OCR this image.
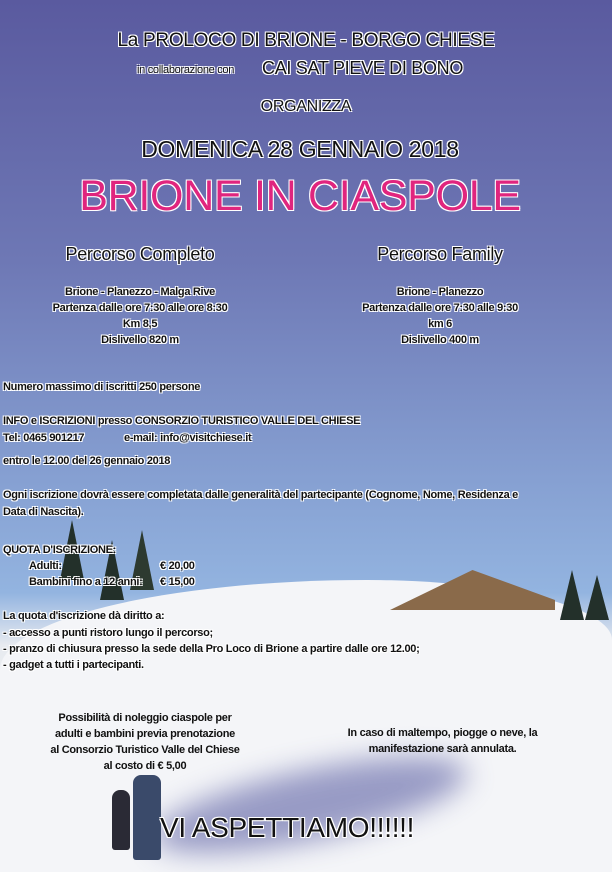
La PROLOCO DI BRIONE - BORGO CHIESE
in collaborazione con CAI SAT PIEVE DI BONO
ORGANIZZA
DOMENICA 28 GENNAIO 2018
BRIONE IN CIASPOLE
Percorso Completo
Brione - Planezzo - Malga Rive
Partenza dalle ore 7:30 alle ore 8:30
Km 8,5
Dislivello 820 m
Percorso Family
Brione - Planezzo
Partenza dalle ore 7:30 alle 9:30
km 6
Dislivello 400 m
Numero massimo di iscritti 250 persone
INFO e ISCRIZIONI presso CONSORZIO TURISTICO VALLE DEL CHIESE
Tel: 0465 901217	e-mail: info@visitchiese.it
entro le 12.00 del 26 gennaio 2018
Ogni iscrizione dovrà essere completata dalle generalità del partecipante (Cognome, Nome, Residenza e
Data di Nascita).
QUOTA D'ISCRIZIONE:
Adulti:	€ 20,00
Bambini fino a 12 anni: € 15,00
La quota d'iscrizione dà diritto a:
- accesso a punti ristoro lungo il percorso;
- pranzo di chiusura presso la sede della Pro Loco di Brione a partire dalle ore 12.00;
- gadget a tutti i partecipanti.
Possibilità di noleggio ciaspole per
adulti e bambini previa prenotazione
al Consorzio Turistico Valle del Chiese
al costo di € 5,00
In caso di maltempo, piogge o neve, la
manifestazione sarà annulata.
VI ASPETTIAMO!!!!!!
